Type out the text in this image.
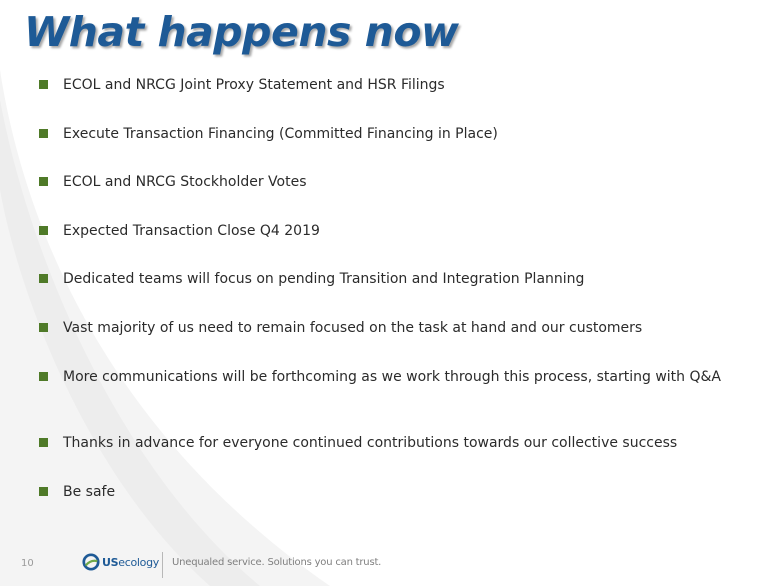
What happens now
ECOL and NRCG Joint Proxy Statement and HSR Filings
Execute Transaction Financing (Committed Financing in Place)
ECOL and NRCG Stockholder Votes
Expected Transaction Close Q4 2019
Dedicated teams will focus on pending Transition and Integration Planning
Vast majority of us need to remain focused on the task at hand and our customers
More communications will be forthcoming as we work through this process, starting with Q&A
Thanks in advance for everyone continued contributions towards our collective success
Be safe
10	USecology Unequaled service. Solutions you can trust.
